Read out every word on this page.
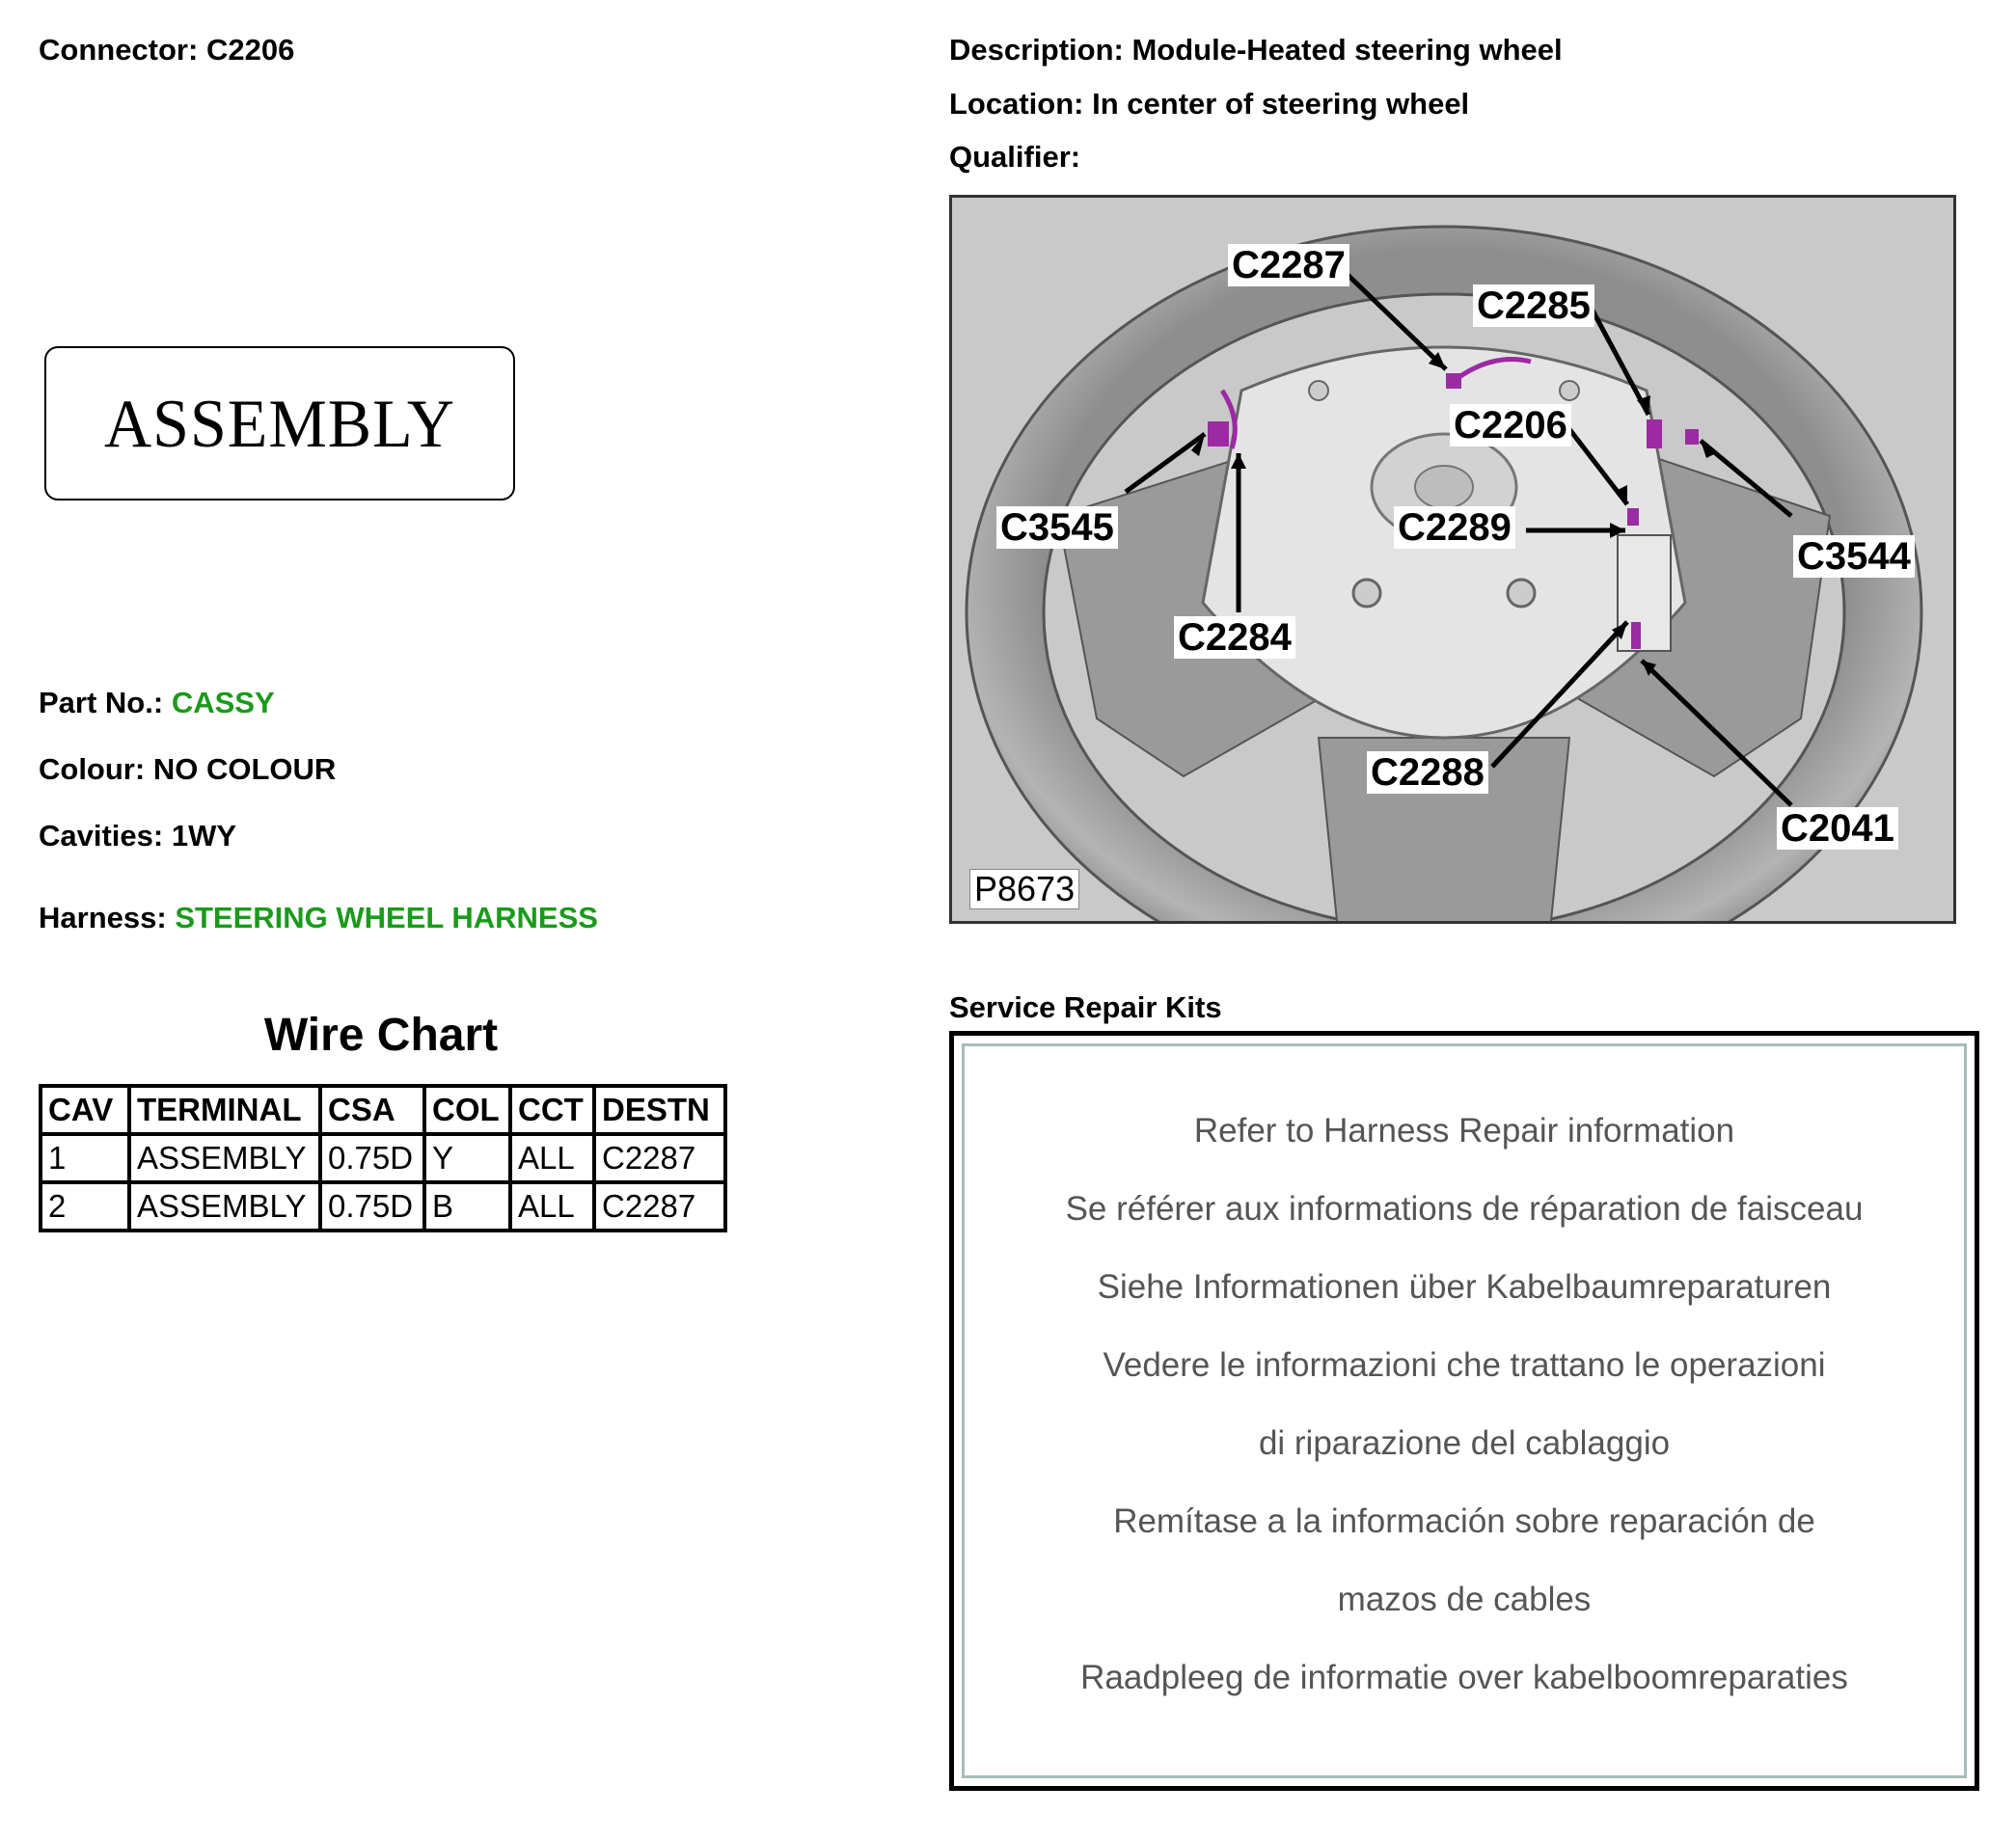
Connector: C2206
ASSEMBLY
Part No.: CASSY
Colour: NO COLOUR
Cavities: 1WY
Harness: STEERING WHEEL HARNESS
Wire Chart
CAV	TERMINAL	CSA	COL	CCT	DESTN
1	ASSEMBLY	0.75D	Y	ALL	C2287
2	ASSEMBLY	0.75D	B	ALL	C2287
Description: Module-Heated steering wheel
Location: In center of steering wheel
Qualifier:
C2287
C2285
C2206
C3545	C2289
C3544
C2284
C2288
C2041
P8673
Service Repair Kits
Refer to Harness Repair information
Se référer aux informations de réparation de faisceau
Siehe Informationen über Kabelbaumreparaturen
Vedere le informazioni che trattano le operazioni
di riparazione del cablaggio
Remítase a la información sobre reparación de
mazos de cables
Raadpleeg de informatie over kabelboomreparaties
